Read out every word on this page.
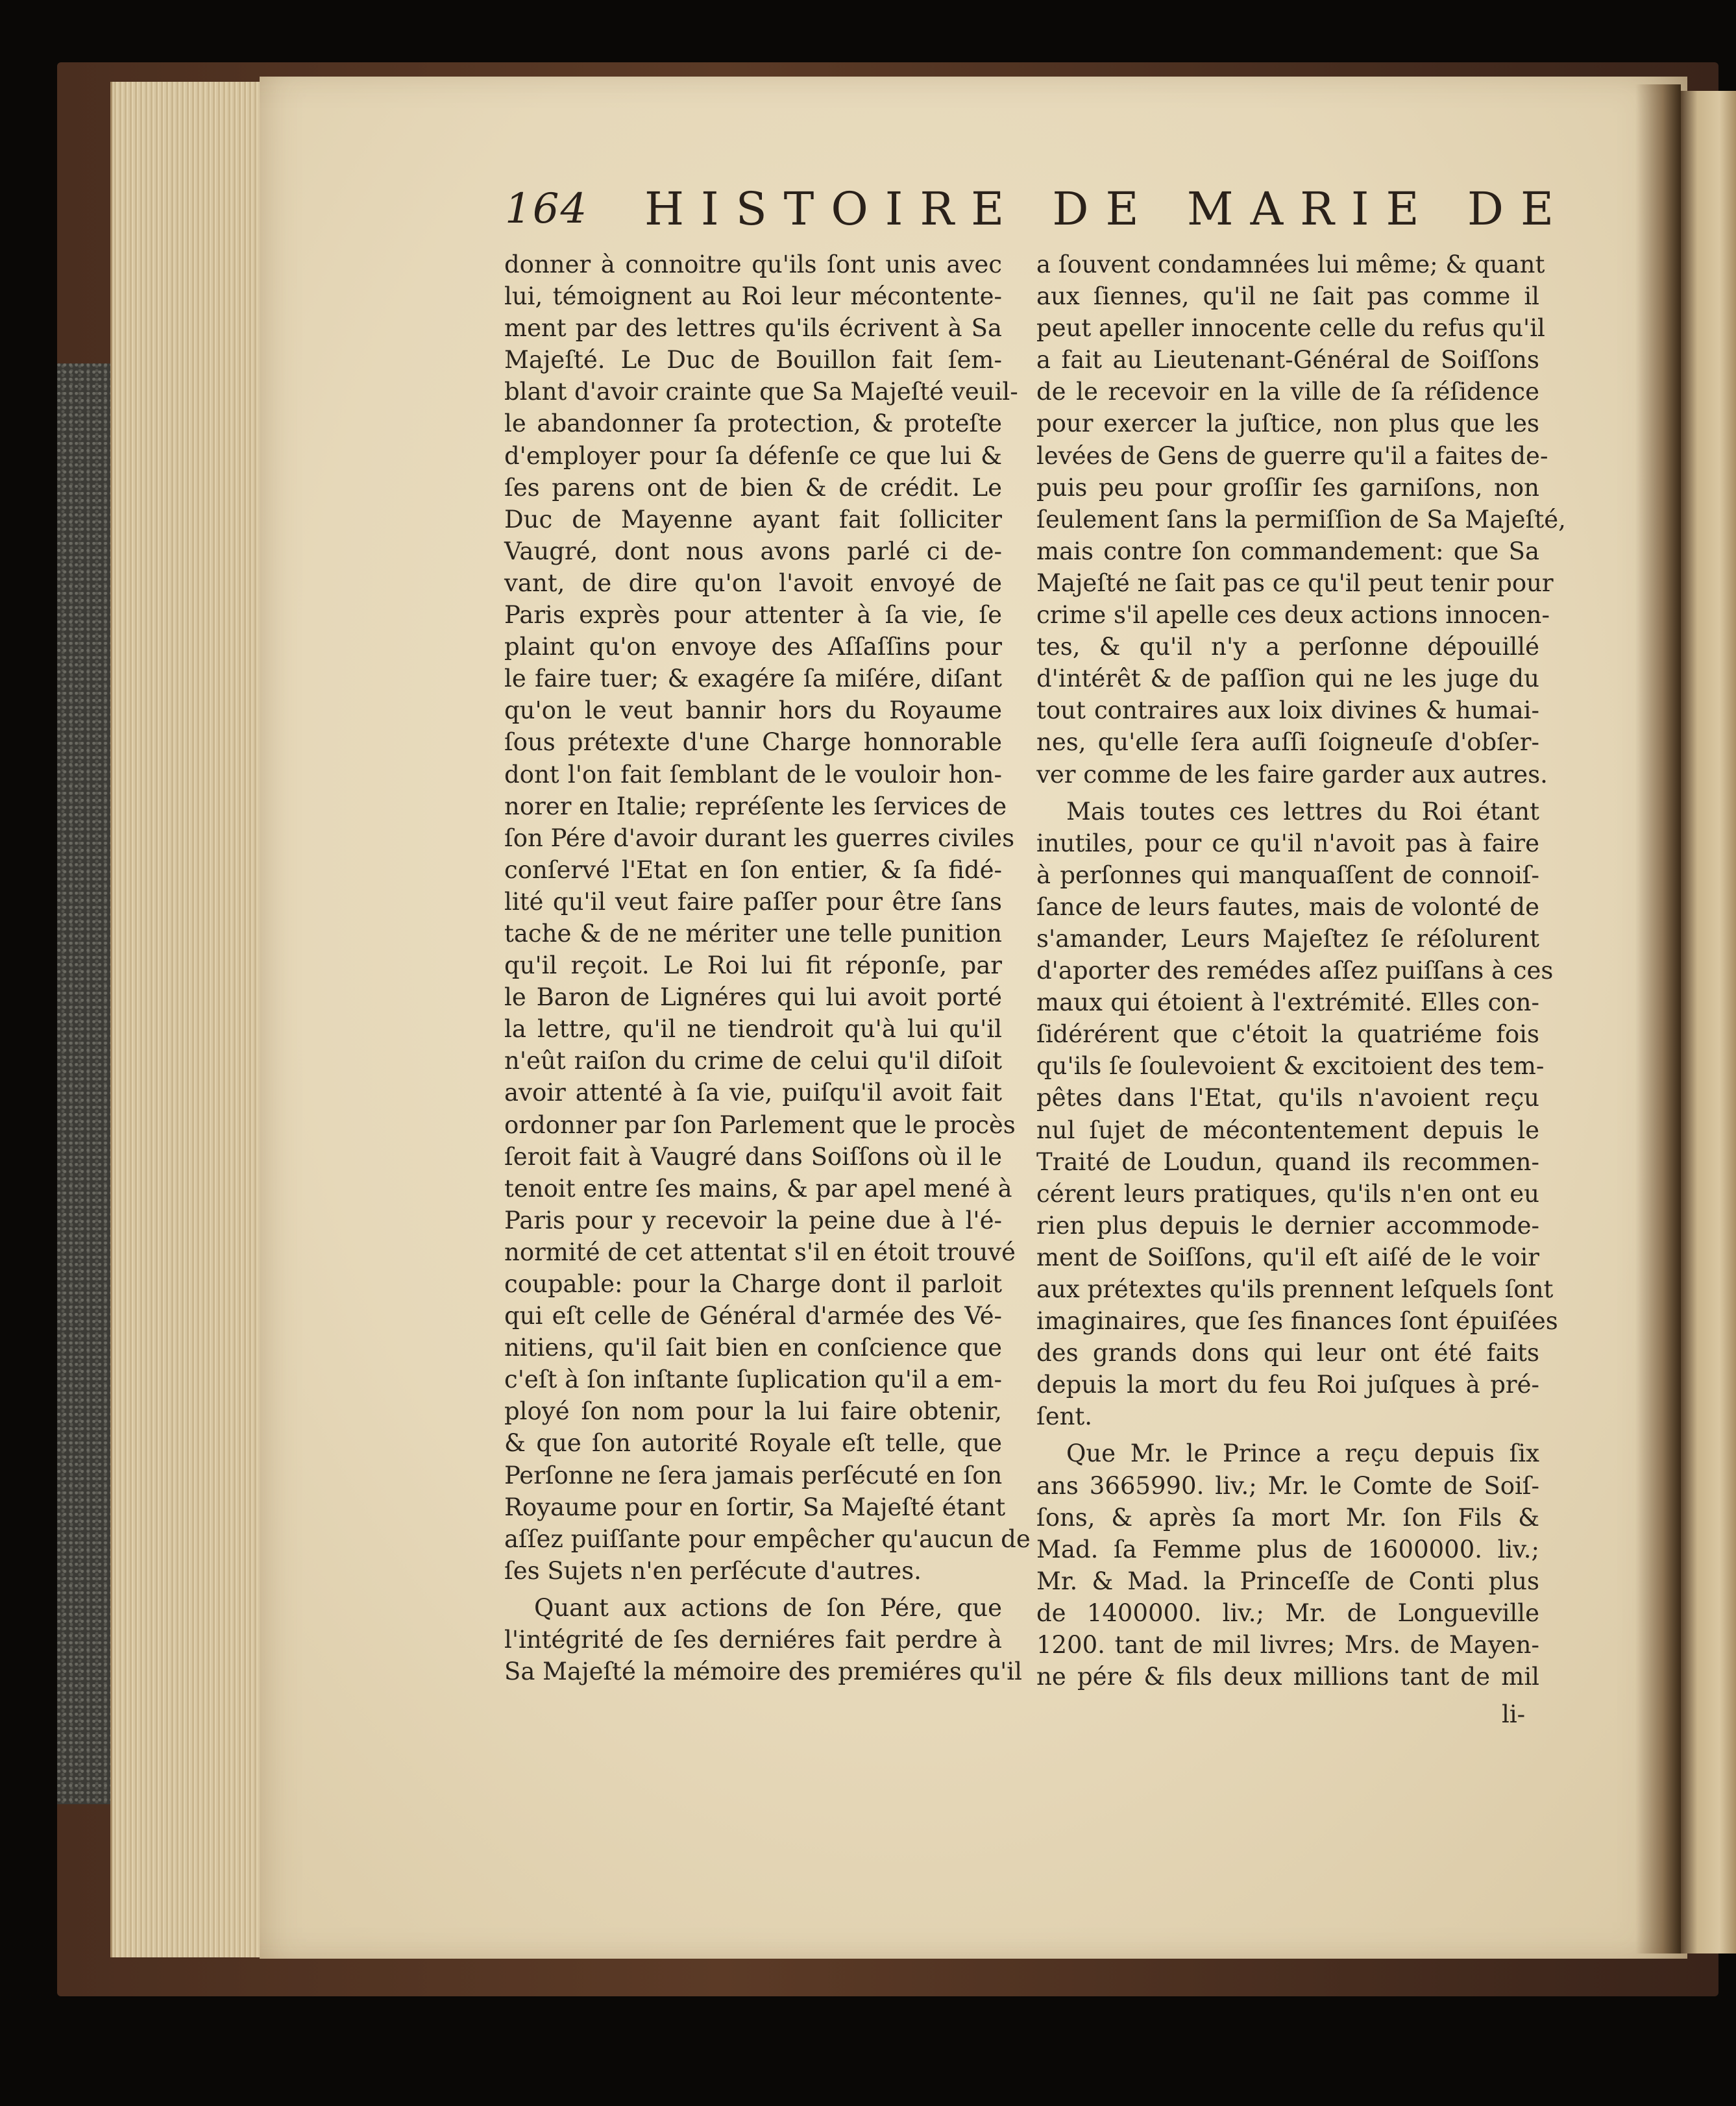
164 HISTOIRE DE MARIE DE
donner à connoitre qu'ils ſont unis avec
lui, témoignent au Roi leur mécontente-
ment par des lettres qu'ils écrivent à Sa
Majeſté. Le Duc de Bouillon fait ſem-
blant d'avoir crainte que Sa Majeſté veuil-
le abandonner ſa protection, & proteſte
d'employer pour ſa défenſe ce que lui &
ſes parens ont de bien & de crédit. Le
Duc de Mayenne ayant fait ſolliciter
Vaugré, dont nous avons parlé ci de-
vant, de dire qu'on l'avoit envoyé de
Paris exprès pour attenter à ſa vie, ſe
plaint qu'on envoye des Aſſaſſins pour
le faire tuer; & exagére ſa miſére, diſant
qu'on le veut bannir hors du Royaume
ſous prétexte d'une Charge honnorable
dont l'on fait ſemblant de le vouloir hon-
norer en Italie; repréſente les ſervices de
ſon Pére d'avoir durant les guerres civiles
conſervé l'Etat en ſon entier, & ſa fidé-
lité qu'il veut faire paſſer pour être ſans
tache & de ne mériter une telle punition
qu'il reçoit. Le Roi lui fit réponſe, par
le Baron de Lignéres qui lui avoit porté
la lettre, qu'il ne tiendroit qu'à lui qu'il
n'eût raiſon du crime de celui qu'il diſoit
avoir attenté à ſa vie, puiſqu'il avoit fait
ordonner par ſon Parlement que le procès
ſeroit fait à Vaugré dans Soiſſons où il le
tenoit entre ſes mains, & par apel mené à
Paris pour y recevoir la peine due à l'é-
normité de cet attentat s'il en étoit trouvé
coupable: pour la Charge dont il parloit
qui eſt celle de Général d'armée des Vé-
nitiens, qu'il ſait bien en conſcience que
c'eſt à ſon inſtante ſuplication qu'il a em-
ployé ſon nom pour la lui faire obtenir,
& que ſon autorité Royale eſt telle, que
Perſonne ne ſera jamais perſécuté en ſon
Royaume pour en ſortir, Sa Majeſté étant
aſſez puiſſante pour empêcher qu'aucun de
ſes Sujets n'en perſécute d'autres.
Quant aux actions de ſon Pére, que
l'intégrité de ſes derniéres fait perdre à
Sa Majeſté la mémoire des premiéres qu'il
a ſouvent condamnées lui même; & quant
aux ſiennes, qu'il ne ſait pas comme il
peut apeller innocente celle du refus qu'il
a fait au Lieutenant-Général de Soiſſons
de le recevoir en la ville de ſa réſidence
pour exercer la juſtice, non plus que les
levées de Gens de guerre qu'il a faites de-
puis peu pour groſſir ſes garniſons, non
ſeulement ſans la permiſſion de Sa Majeſté,
mais contre ſon commandement: que Sa
Majeſté ne ſait pas ce qu'il peut tenir pour
crime s'il apelle ces deux actions innocen-
tes, & qu'il n'y a perſonne dépouillé
d'intérêt & de paſſion qui ne les juge du
tout contraires aux loix divines & humai-
nes, qu'elle ſera auſſi ſoigneuſe d'obſer-
ver comme de les faire garder aux autres.
Mais toutes ces lettres du Roi étant
inutiles, pour ce qu'il n'avoit pas à faire
à perſonnes qui manquaſſent de connoiſ-
ſance de leurs fautes, mais de volonté de
s'amander, Leurs Majeſtez ſe réſolurent
d'aporter des remédes aſſez puiſſans à ces
maux qui étoient à l'extrémité. Elles con-
ſidérérent que c'étoit la quatriéme fois
qu'ils ſe ſoulevoient & excitoient des tem-
pêtes dans l'Etat, qu'ils n'avoient reçu
nul ſujet de mécontentement depuis le
Traité de Loudun, quand ils recommen-
cérent leurs pratiques, qu'ils n'en ont eu
rien plus depuis le dernier accommode-
ment de Soiſſons, qu'il eſt aiſé de le voir
aux prétextes qu'ils prennent leſquels ſont
imaginaires, que ſes finances ſont épuiſées
des grands dons qui leur ont été faits
depuis la mort du feu Roi juſques à pré-
ſent.
Que Mr. le Prince a reçu depuis ſix
ans 3665990. liv.; Mr. le Comte de Soiſ-
ſons, & après ſa mort Mr. ſon Fils &
Mad. ſa Femme plus de 1600000. liv.;
Mr. & Mad. la Princeſſe de Conti plus
de 1400000. liv.; Mr. de Longueville
1200. tant de mil livres; Mrs. de Mayen-
ne pére & fils deux millions tant de mil
li-
